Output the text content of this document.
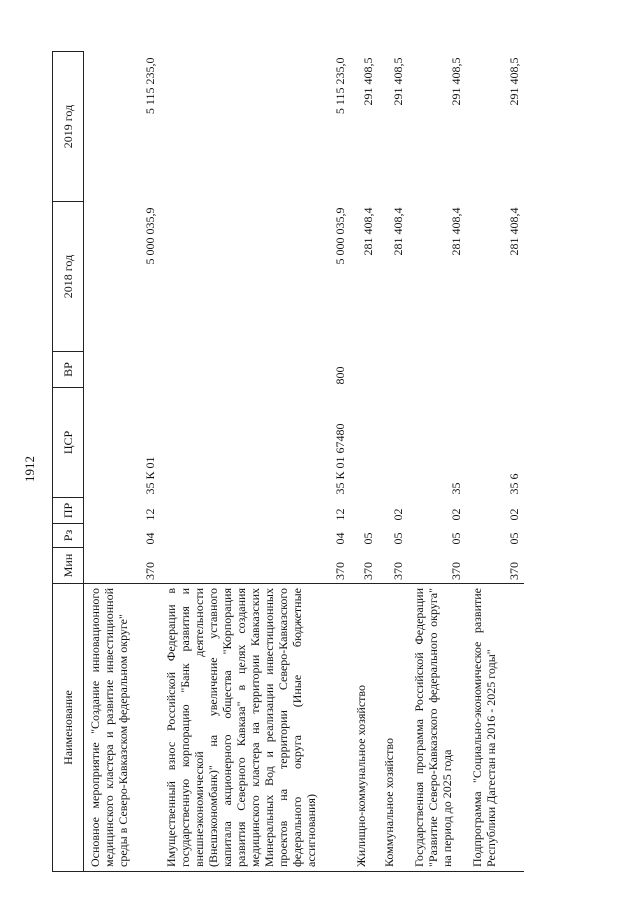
1912
Наименование	Мин	Рз	ПР	ЦСР	ВР	2018 год	2019 год
Основное мероприятие "Создание инновационного медицинского кластера и развитие инвестиционной среды в Северо-Кавказском федеральном округе"	370	04	12	35 К 01		5 000 035,9	5 115 235,0
Имущественный взнос Российской Федерации в государственную корпорацию "Банк развития и внешнеэкономической деятельности (Внешэкономбанк)" на увеличение уставного капитала акционерного общества "Корпорация развития Северного Кавказа" в целях создания медицинского кластера на территории Кавказских Минеральных Вод и реализации инвестиционных проектов на территории Северо-Кавказского федерального округа (Иные бюджетные ассигнования)	370	04	12	35 К 01 67480	800	5 000 035,9	5 115 235,0
Жилищно-коммунальное хозяйство	370	05				281 408,4	291 408,5
Коммунальное хозяйство	370	05	02			281 408,4	291 408,5
Государственная программа Российской Федерации "Развитие Северо-Кавказского федерального округа" на период до 2025 года	370	05	02	35		281 408,4	291 408,5
Подпрограмма "Социально-экономическое развитие Республики Дагестан на 2016 - 2025 годы"	370	05	02	35 6		281 408,4	291 408,5
